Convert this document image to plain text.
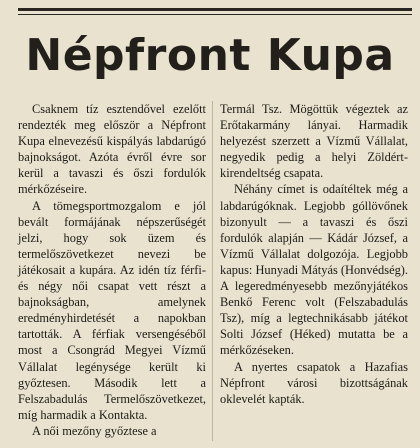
Népfront Kupa

Csaknem tíz esztendővel ezelőtt rendezték meg először a Népfront Kupa elnevezésű kispályás labdarúgó bajnokságot. Azóta évről évre sor kerül a tavaszi és őszi fordulók mérkőzéseire.

A tömegsportmozgalom e jól bevált formájának népszerűségét jelzi, hogy sok üzem és termelőszövetkezet nevezi be játékosait a kupára. Az idén tíz férfi- és négy női csapat vett részt a bajnokságban, amelynek eredményhirdetését a napokban tartották. A férfiak versengéséből most a Csongrád Megyei Vízmű Vállalat legénysége került ki győztesen. Második lett a Felszabadulás Termelőszövetkezet, míg harmadik a Kontakta.

A női mezőny győztese a

Termál Tsz. Mögöttük végeztek az Erőtakarmány lányai. Harmadik helyezést szerzett a Vízmű Vállalat, negyedik pedig a helyi Zöldért-kirendeltség csapata.

Néhány címet is odaítéltek még a labdarúgóknak. Legjobb góllövőnek bizonyult — a tavaszi és őszi fordulók alapján — Kádár József, a Vízmű Vállalat dolgozója. Legjobb kapus: Hunyadi Mátyás (Honvédség). A legeredményesebb mezőnyjátékos Benkő Ferenc volt (Felszabadulás Tsz), míg a legtechnikásabb játékot Solti József (Héked) mutatta be a mérkőzéseken.

A nyertes csapatok a Hazafias Népfront városi bizottságának oklevelét kapták.
